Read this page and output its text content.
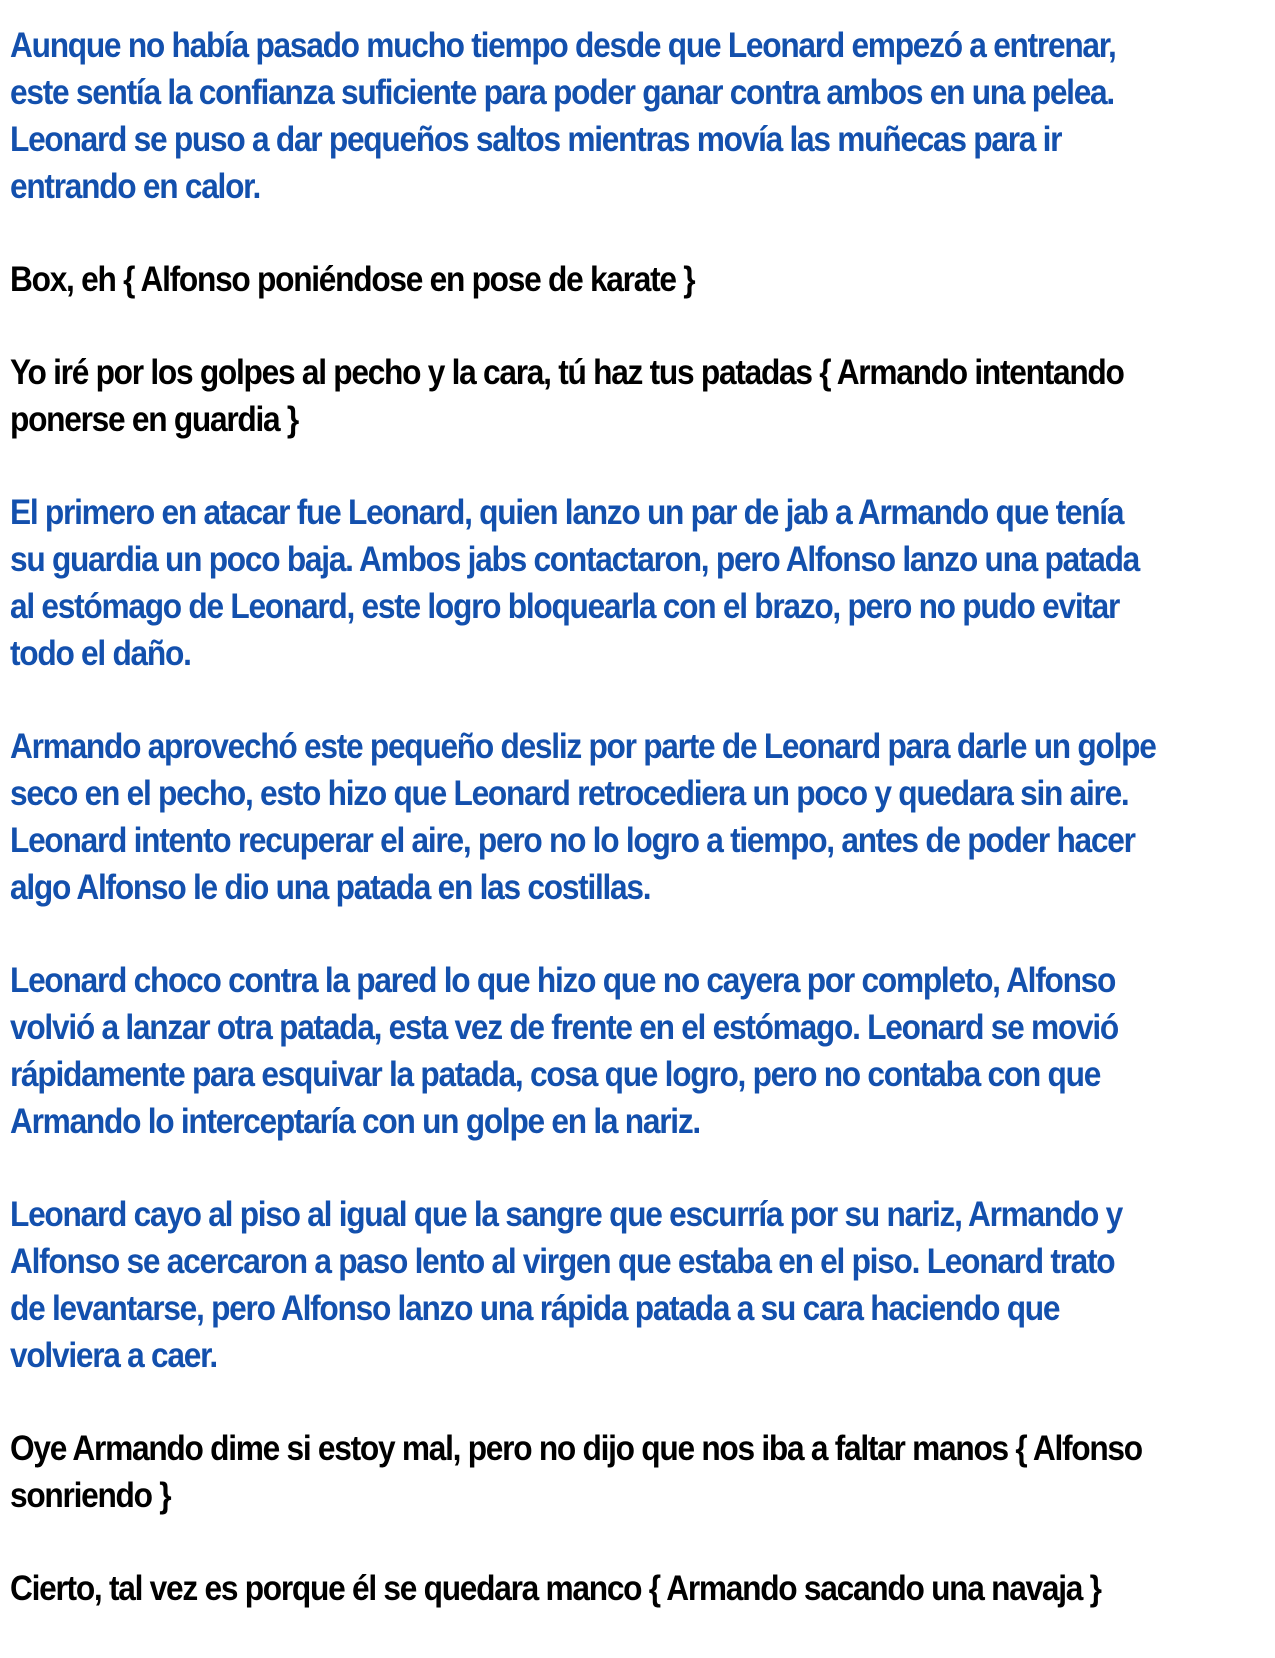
Aunque no había pasado mucho tiempo desde que Leonard empezó a entrenar,
este sentía la confianza suficiente para poder ganar contra ambos en una pelea.
Leonard se puso a dar pequeños saltos mientras movía las muñecas para ir
entrando en calor.

Box, eh { Alfonso poniéndose en pose de karate }

Yo iré por los golpes al pecho y la cara, tú haz tus patadas { Armando intentando
ponerse en guardia }

El primero en atacar fue Leonard, quien lanzo un par de jab a Armando que tenía
su guardia un poco baja. Ambos jabs contactaron, pero Alfonso lanzo una patada
al estómago de Leonard, este logro bloquearla con el brazo, pero no pudo evitar
todo el daño.

Armando aprovechó este pequeño desliz por parte de Leonard para darle un golpe
seco en el pecho, esto hizo que Leonard retrocediera un poco y quedara sin aire.
Leonard intento recuperar el aire, pero no lo logro a tiempo, antes de poder hacer
algo Alfonso le dio una patada en las costillas.

Leonard choco contra la pared lo que hizo que no cayera por completo, Alfonso
volvió a lanzar otra patada, esta vez de frente en el estómago. Leonard se movió
rápidamente para esquivar la patada, cosa que logro, pero no contaba con que
Armando lo interceptaría con un golpe en la nariz.

Leonard cayo al piso al igual que la sangre que escurría por su nariz, Armando y
Alfonso se acercaron a paso lento al virgen que estaba en el piso. Leonard trato
de levantarse, pero Alfonso lanzo una rápida patada a su cara haciendo que
volviera a caer.

Oye Armando dime si estoy mal, pero no dijo que nos iba a faltar manos { Alfonso
sonriendo }

Cierto, tal vez es porque él se quedara manco { Armando sacando una navaja }
